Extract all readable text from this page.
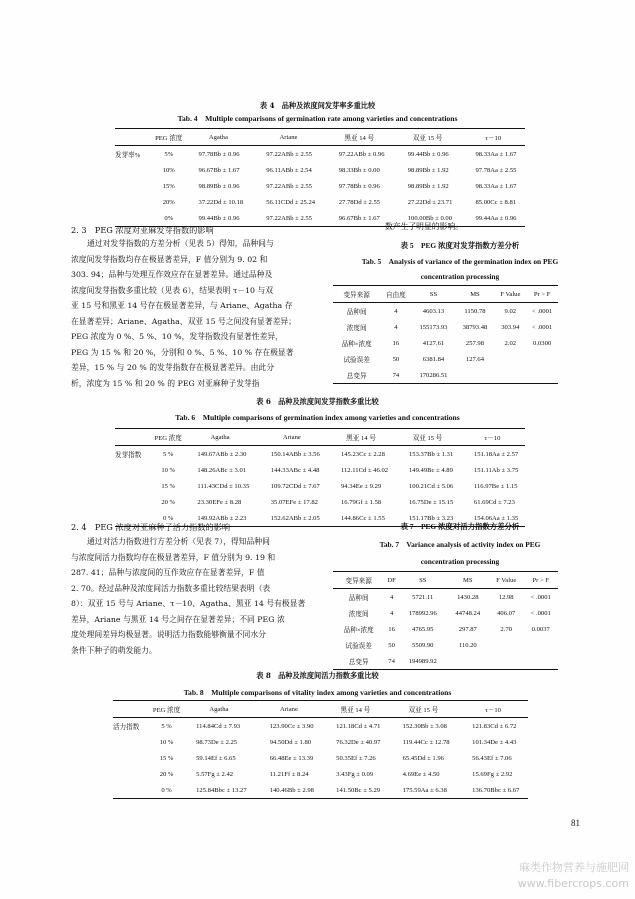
表 4　品种及浓度间发芽率多重比较
Tab. 4　Multiple comparisons of germination rate among varieties and concentrations
	PEG 浓度	Agatha	Ariane	黑亚 14 号	双亚 15 号	τ－10
发芽率%	5%	97.78Bb ± 0.96	97.22ABb ± 2.55	97.22ABb ± 0.96	99.44Bb ± 0.96	98.33Aa ± 1.67
	10%	96.67Bb ± 1.67	96.11ABb ± 2.54	98.33Bb ± 0.00	98.89Bb ± 1.92	97.78Aa ± 2.55
	15%	98.89Bb ± 0.96	97.22ABb ± 2.55	97.78Bb ± 0.96	98.89Bb ± 1.92	98.33Aa ± 1.67
	20%	37.22Dd ± 10.18	56.11CDd ± 25.24	27.78Dd ± 2.55	27.22Dd ± 23.71	85.00Cc ± 8.81
	0%	99.44Bb ± 0.96	97.22ABb ± 2.55	96.67Bb ± 1.67	100.00Bb ± 0.00	99.44Aa ± 0.96
2. 3　PEG 浓度对亚麻发芽指数的影响
通过对发芽指数的方差分析（见表 5）得知，品种间与
浓度间发芽指数均存在极显著差异，F 值分别为 9. 02 和
303. 94；品种与处理互作效应存在显著差异。通过品种及
浓度间发芽指数多重比较（见表 6），结果表明 τ－10 与双
亚 15 号和黑亚 14 号存在极显著差异，与 Ariane、Agatha 存
在显著差异；Ariane、Agatha、双亚 15 号之间没有显著差异；
PEG 浓度为 0 %、5 %、10 %，发芽指数没有显著性差异，
PEG 为 15 % 和 20 %，分别和 0 %、5 %、10 % 存在极显著
差异，15 % 与 20 % 的发芽指数存在极显著差异。由此分
析，浓度为 15 % 和 20 % 的 PEG 对亚麻种子发芽指
数产生了明显的影响。
表 5　PEG 浓度对发芽指数方差分析
Tab. 5　Analysis of variance of the germination index on PEG
concentration processing
变异来源	自由度	SS	MS	F Value	Pr > F
品种间	4	4603.13	1150.78	9.02	< .0001
浓度间	4	155173.93	38793.48	303.94	< .0001
品种×浓度	16	4127.61	257.98	2.02	0.0300
试验误差	50	6381.84	127.64		
总变异	74	170286.51			
表 6　品种及浓度间发芽指数多重比较
Tab. 6　Multiple comparisons of germination index among varieties and concentrations
	PEG 浓度	Agatha	Ariane	黑亚 14 号	双亚 15 号	τ－10
发芽指数	5 %	149.67ABb ± 2.30	150.14ABb ± 3.56	145.23Cc ± 2.28	153.37Bb ± 1.31	151.18Aa ± 2.57
	10 %	148.26ABc ± 3.01	144.33ABc ± 4.48	112.11Cd ± 46.02	149.49Bc ± 4.89	151.11Ab ± 3.75
	15 %	111.43CDd ± 10.35	109.72CDd ± 7.67	94.34Ee ± 9.29	100.21Cd ± 5.06	116.97Be ± 1.15
	20 %	23.30EFe ± 8.28	35.07EFe ± 17.82	16.79Gf ± 1.58	16.75De ± 15.15	61.69Cd ± 7.23
	0 %	149.92ABb ± 2.23	152.62ABb ± 2.05	144.86Cc ± 1.55	151.17Bb ± 3.23	154.06Aa ± 1.35
2. 4　PEG 浓度对亚麻种子活力指数的影响
通过对活力指数进行方差分析（见表 7），得知品种间
与浓度间活力指数均存在极显著差异，F 值分别为 9. 19 和
287. 41；品种与浓度间的互作效应存在显著差异，F 值
2. 70。经过品种及浓度间活力指数多重比较结果表明（表
8）：双亚 15 号与 Ariane、τ－10、Agatha、黑亚 14 号有极显著
差异，Ariane 与黑亚 14 号之间存在显著差异；不同 PEG 浓
度处理间差异均极显著。说明活力指数能够衡量不同水分
条件下种子的萌发能力。
表 7　PEG 浓度对活力指数方差分析
Tab. 7　Variance analysis of activity index on PEG
concentration processing
变异来源	DF	SS	MS	F Value	Pr > F
品种间	4	5721.11	1430.28	12.98	< .0001
浓度间	4	178992.96	44748.24	406.07	< .0001
品种×浓度	16	4765.95	297.87	2.70	0.0037
试验误差	50	5509.90	110.20		
总变异	74	194989.92			
表 8　品种及浓度间活力指数多重比较
Tab. 8　Multiple comparisons of vitality index among varieties and concentrations
	PEG 浓度	Agatha	Ariane	黑亚 14 号	双亚 15 号	τ－10
活力指数	5 %	114.84Cd ± 7.93	123.90Cc ± 3.90	121.18Cd ± 4.71	152.30Bb ± 3.08	121.83Cd ± 6.72
	10 %	98.73De ± 2.25	94.50Dd ± 1.80	76.32De ± 40.97	119.44Cc ± 12.78	101.34De ± 4.43
	15 %	59.14Ef ± 6.65	66.48Ee ± 13.39	50.35Ef ± 7.26	65.45Dd ± 1.96	56.43Ef ± 7.06
	20 %	5.57Fg ± 2.42	11.21Ff ± 8.24	3.43Fg ± 0.09	4.69Ee ± 4.50	15.69Fg ± 2.92
	0 %	125.84Bbc ± 13.27	140.46Bb ± 2.98	141.50Bc ± 5.29	175.59Aa ± 6.38	136.70Bbc ± 6.67
81
麻类作物营养与施肥网
www.fibercrops.com
